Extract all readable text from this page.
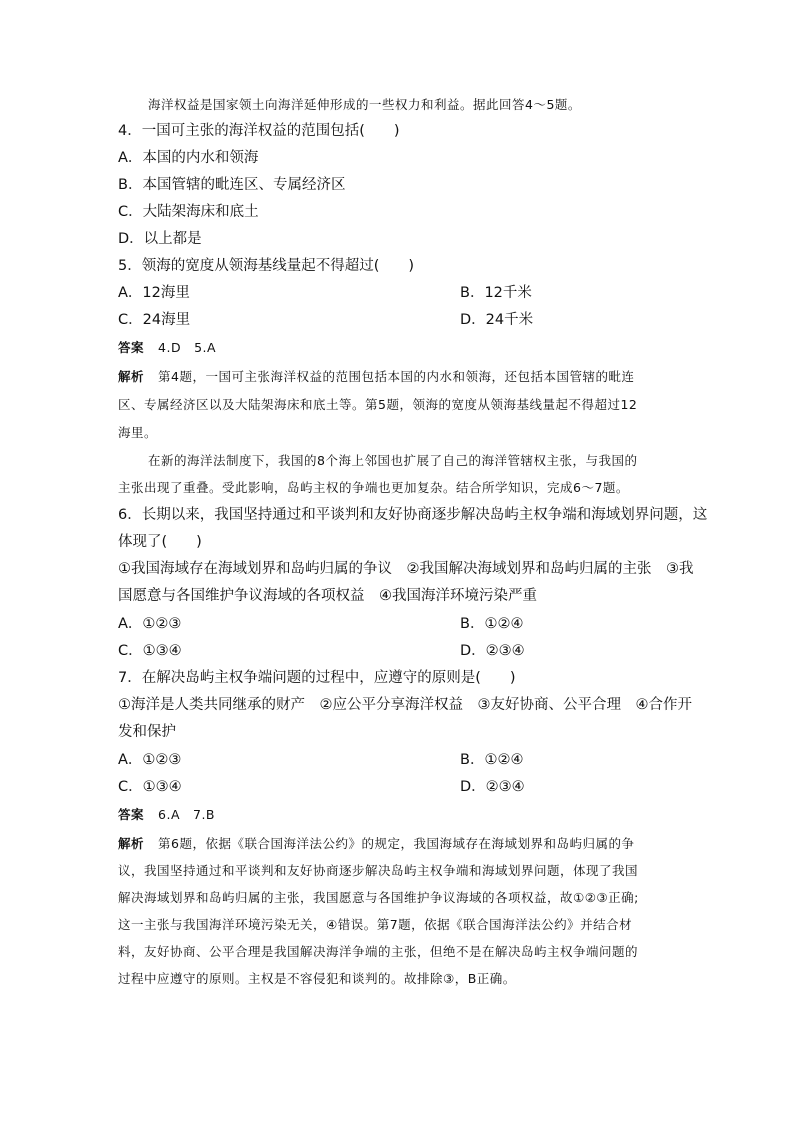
海洋权益是国家领土向海洋延伸形成的一些权力和利益。据此回答4～5题。
4．一国可主张的海洋权益的范围包括(　　)
A．本国的内水和领海
B．本国管辖的毗连区、专属经济区
C．大陆架海床和底土
D．以上都是
5．领海的宽度从领海基线量起不得超过(　　)
A．12海里	B．12千米
C．24海里	D．24千米
答案 4.D　5.A
解析 第4题，一国可主张海洋权益的范围包括本国的内水和领海，还包括本国管辖的毗连
区、专属经济区以及大陆架海床和底土等。第5题，领海的宽度从领海基线量起不得超过12
海里。
在新的海洋法制度下，我国的8个海上邻国也扩展了自己的海洋管辖权主张，与我国的
主张出现了重叠。受此影响，岛屿主权的争端也更加复杂。结合所学知识，完成6～7题。
6．长期以来，我国坚持通过和平谈判和友好协商逐步解决岛屿主权争端和海域划界问题，这
体现了(　　)
①我国海域存在海域划界和岛屿归属的争议　②我国解决海域划界和岛屿归属的主张　③我
国愿意与各国维护争议海域的各项权益　④我国海洋环境污染严重
A．①②③	B．①②④
C．①③④	D．②③④
7．在解决岛屿主权争端问题的过程中，应遵守的原则是(　　)
①海洋是人类共同继承的财产　②应公平分享海洋权益　③友好协商、公平合理　④合作开
发和保护
A．①②③	B．①②④
C．①③④	D．②③④
答案 6.A　7.B
解析 第6题，依据《联合国海洋法公约》的规定，我国海域存在海域划界和岛屿归属的争
议，我国坚持通过和平谈判和友好协商逐步解决岛屿主权争端和海域划界问题，体现了我国
解决海域划界和岛屿归属的主张，我国愿意与各国维护争议海域的各项权益，故①②③正确;
这一主张与我国海洋环境污染无关，④错误。第7题，依据《联合国海洋法公约》并结合材
料，友好协商、公平合理是我国解决海洋争端的主张，但绝不是在解决岛屿主权争端问题的
过程中应遵守的原则。主权是不容侵犯和谈判的。故排除③，B正确。
